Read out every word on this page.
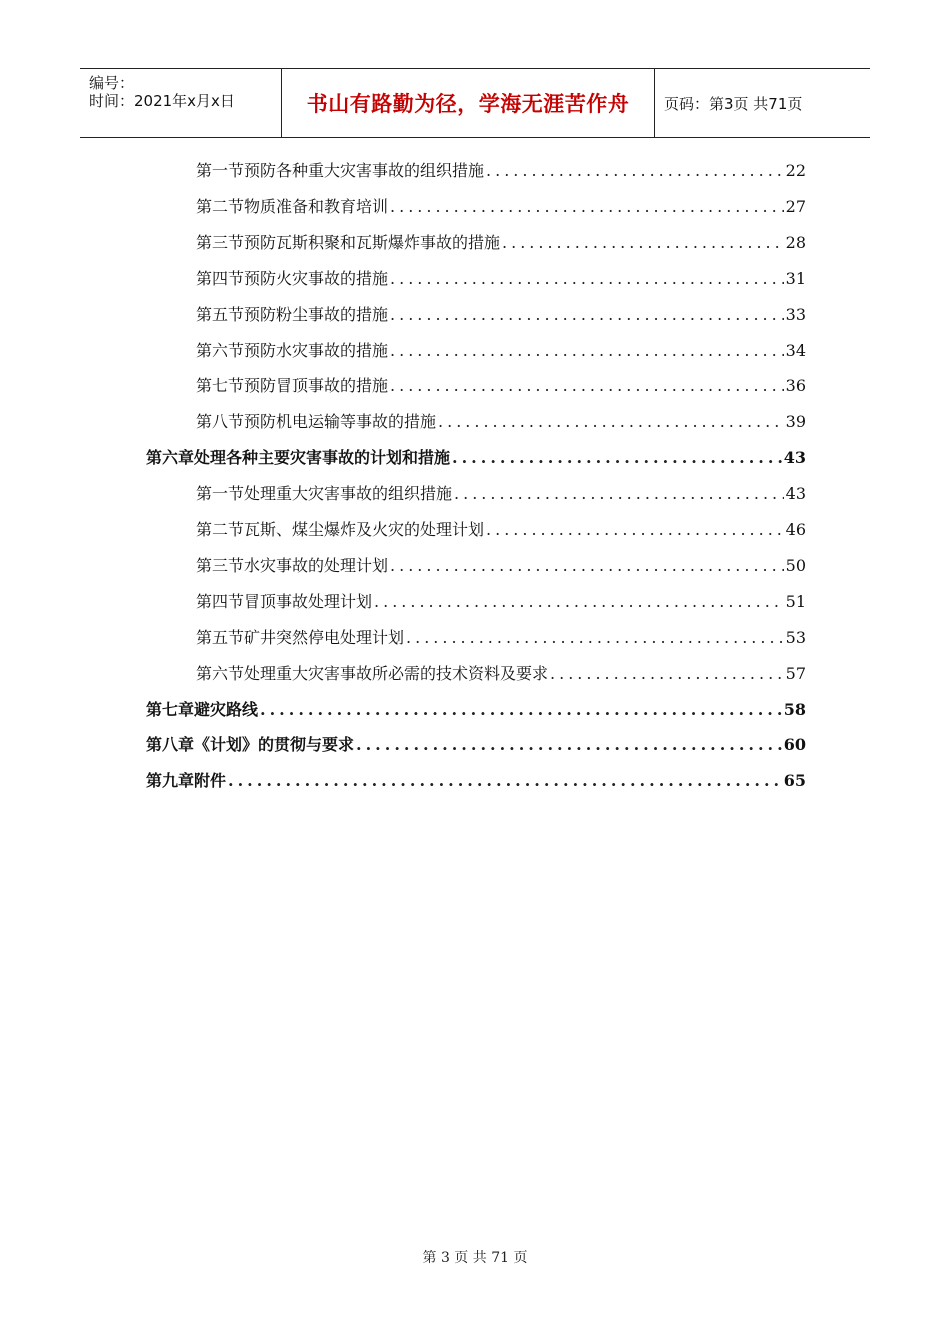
编号：
时间：2021年x月x日	书山有路勤为径，学海无涯苦作舟	页码：第3页 共71页
第一节 预防各种重大灾害事故的组织措施 .....	22
第二节 物质准备和教育培训 .....	27
第三节 预防瓦斯积聚和瓦斯爆炸事故的措施 .....	28
第四节 预防火灾事故的措施 .....	31
第五节 预防粉尘事故的措施 .....	33
第六节 预防水灾事故的措施 .....	34
第七节 预防冒顶事故的措施 .....	36
第八节 预防机电运输等事故的措施 .....	39
第六章 处理各种主要灾害事故的计划和措施 .....	43
第一节 处理重大灾害事故的组织措施 .....	43
第二节 瓦斯、煤尘爆炸及火灾的处理计划 .....	46
第三节 水灾事故的处理计划 .....	50
第四节 冒顶事故处理计划 .....	51
第五节 矿井突然停电处理计划 .....	53
第六节 处理重大灾害事故所必需的技术资料及要求 .....	57
第七章 避灾路线 .....	58
第八章 《计划》的贯彻与要求 .....	60
第九章 附件 .....	65
第 3 页 共 71 页
